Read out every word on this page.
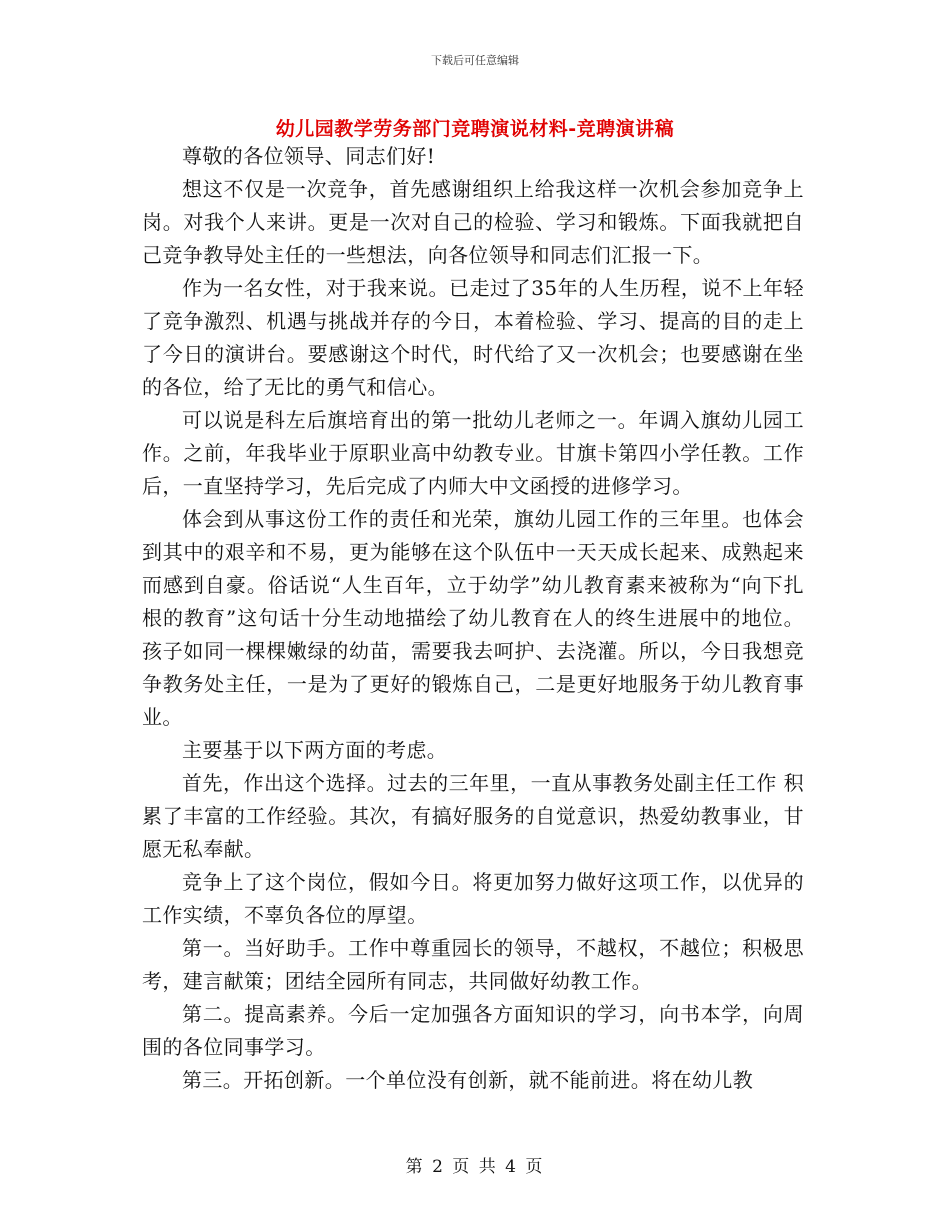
下载后可任意编辑
幼儿园教学劳务部门竞聘演说材料-竞聘演讲稿

尊敬的各位领导、同志们好!

想这不仅是一次竞争，首先感谢组织上给我这样一次机会参加竞争上岗。对我个人来讲。更是一次对自己的检验、学习和锻炼。下面我就把自己竞争教导处主任的一些想法，向各位领导和同志们汇报一下。

作为一名女性，对于我来说。已走过了35年的人生历程，说不上年轻了竞争激烈、机遇与挑战并存的今日，本着检验、学习、提高的目的走上了今日的演讲台。要感谢这个时代，时代给了又一次机会；也要感谢在坐的各位，给了无比的勇气和信心。

可以说是科左后旗培育出的第一批幼儿老师之一。年调入旗幼儿园工作。之前，年我毕业于原职业高中幼教专业。甘旗卡第四小学任教。工作后，一直坚持学习，先后完成了内师大中文函授的进修学习。

体会到从事这份工作的责任和光荣，旗幼儿园工作的三年里。也体会到其中的艰辛和不易，更为能够在这个队伍中一天天成长起来、成熟起来而感到自豪。俗话说“人生百年，立于幼学”幼儿教育素来被称为“向下扎根的教育”这句话十分生动地描绘了幼儿教育在人的终生进展中的地位。孩子如同一棵棵嫩绿的幼苗，需要我去呵护、去浇灌。所以，今日我想竞争教务处主任，一是为了更好的锻炼自己，二是更好地服务于幼儿教育事业。

主要基于以下两方面的考虑。

首先，作出这个选择。过去的三年里，一直从事教务处副主任工作 积累了丰富的工作经验。其次，有搞好服务的自觉意识，热爱幼教事业，甘愿无私奉献。

竞争上了这个岗位，假如今日。将更加努力做好这项工作，以优异的工作实绩，不辜负各位的厚望。

第一。当好助手。工作中尊重园长的领导，不越权，不越位；积极思考，建言献策；团结全园所有同志，共同做好幼教工作。

第二。提高素养。今后一定加强各方面知识的学习，向书本学，向周围的各位同事学习。

第三。开拓创新。一个单位没有创新，就不能前进。将在幼儿教

第 2 页 共 4 页
